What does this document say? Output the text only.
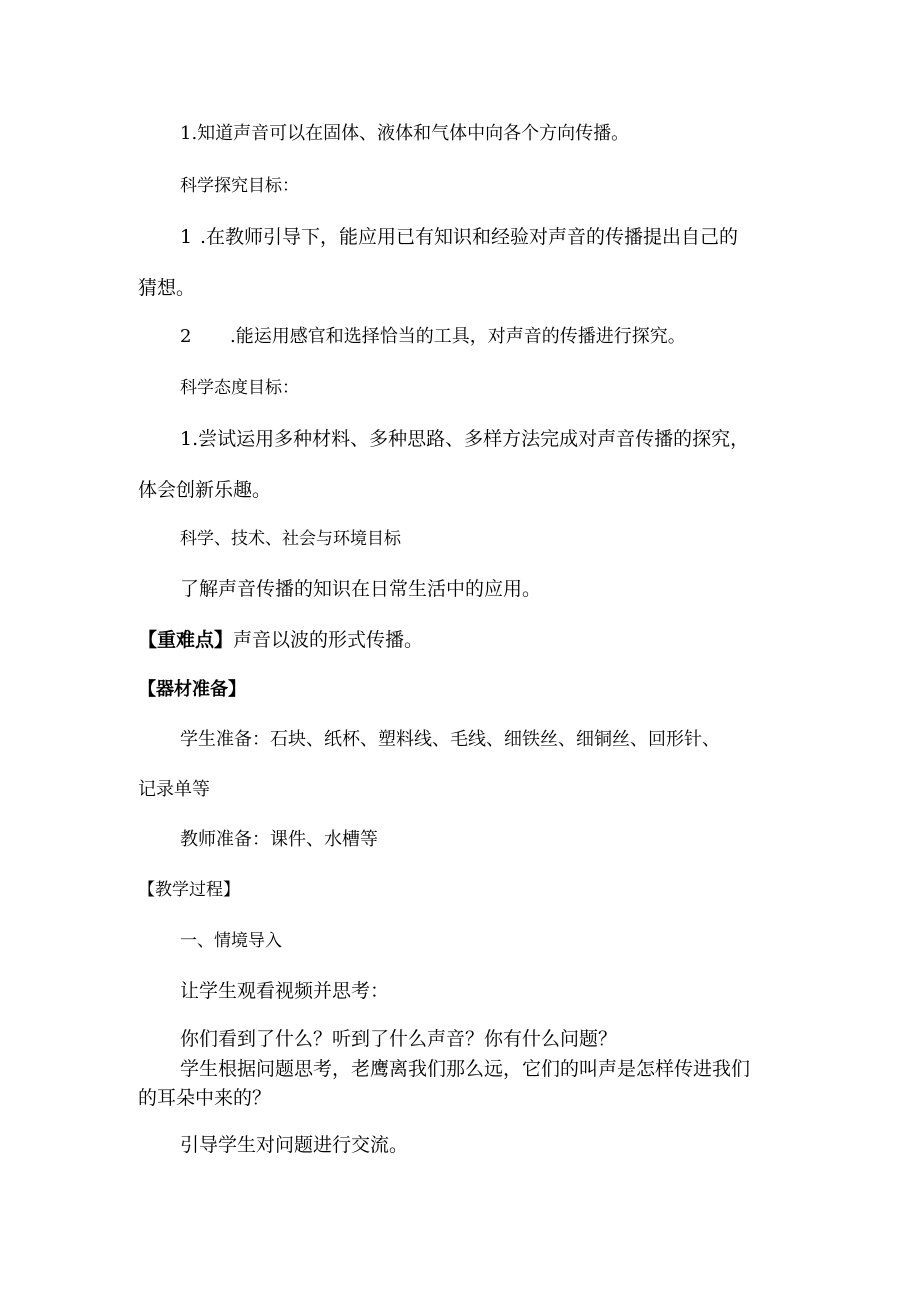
1.知道声音可以在固体、液体和气体中向各个方向传播。

科学探究目标：

1 .在教师引导下，能应用已有知识和经验对声音的传播提出自己的

猜想。

2 .能运用感官和选择恰当的工具，对声音的传播进行探究。

科学态度目标：

1.尝试运用多种材料、多种思路、多样方法完成对声音传播的探究，

体会创新乐趣。

科学、技术、社会与环境目标

了解声音传播的知识在日常生活中的应用。

【重难点】声音以波的形式传播。

【器材准备】

学生准备：石块、纸杯、塑料线、毛线、细铁丝、细铜丝、回形针、

记录单等

教师准备：课件、水槽等

【教学过程】

一、情境导入

让学生观看视频并思考：

你们看到了什么？听到了什么声音？你有什么问题？

学生根据问题思考，老鹰离我们那么远，它们的叫声是怎样传进我们

的耳朵中来的？

引导学生对问题进行交流。
